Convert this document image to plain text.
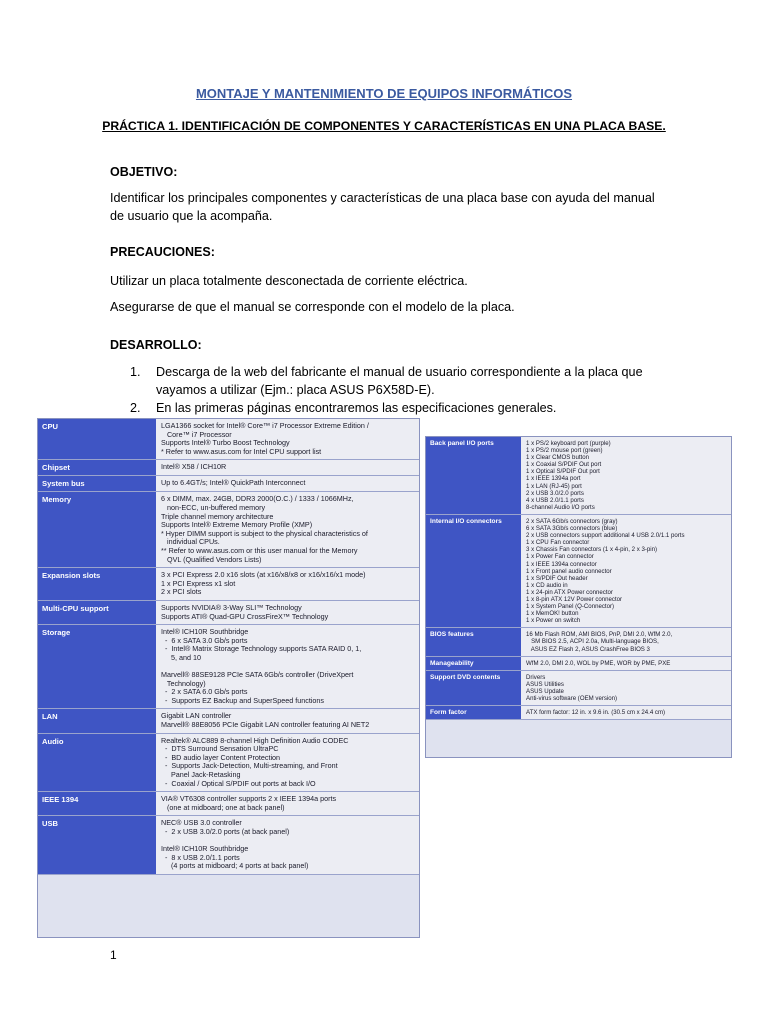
MONTAJE Y MANTENIMIENTO DE EQUIPOS INFORMÁTICOS
PRÁCTICA 1. IDENTIFICACIÓN DE COMPONENTES Y CARACTERÍSTICAS EN UNA PLACA BASE.
OBJETIVO:
Identificar los principales componentes y características de una placa base con ayuda del manual de usuario que la acompaña.
PRECAUCIONES:
Utilizar un placa totalmente desconectada de corriente eléctrica.
Asegurarse de que el manual se corresponde con el modelo de la placa.
DESARROLLO:
1.	Descarga de la web del fabricante el manual de usuario correspondiente a la placa que vayamos a utilizar (Ejm.: placa ASUS P6X58D-E).
2.	En las primeras páginas encontraremos las especificaciones generales.
CPU	LGA1366 socket for Intel® Core™ i7 Processor Extreme Edition /
Core™ i7 Processor
Supports Intel® Turbo Boost Technology
* Refer to www.asus.com for Intel CPU support list
Chipset	Intel® X58 / ICH10R
System bus	Up to 6.4GT/s; Intel® QuickPath Interconnect
Memory	6 x DIMM, max. 24GB, DDR3 2000(O.C.) / 1333 / 1066MHz,
non-ECC, un-buffered memory
Triple channel memory architecture
Supports Intel® Extreme Memory Profile (XMP)
* Hyper DIMM support is subject to the physical characteristics of
individual CPUs.
** Refer to www.asus.com or this user manual for the Memory
QVL (Qualified Vendors Lists)
Expansion slots	3 x PCI Express 2.0 x16 slots (at x16/x8/x8 or x16/x16/x1 mode)
1 x PCI Express x1 slot
2 x PCI slots
Multi-CPU support	Supports NVIDIA® 3-Way SLI™ Technology
Supports ATI® Quad-GPU CrossFireX™ Technology
Storage	Intel® ICH10R Southbridge
-  6 x SATA 3.0 Gb/s ports
-  Intel® Matrix Storage Technology supports SATA RAID 0, 1,
5, and 10

Marvell® 88SE9128 PCIe SATA 6Gb/s controller (DriveXpert
Technology)
-  2 x SATA 6.0 Gb/s ports
-  Supports EZ Backup and SuperSpeed functions
LAN	Gigabit LAN controller
Marvell® 88E8056 PCIe Gigabit LAN controller featuring AI NET2
Audio	Realtek® ALC889 8-channel High Definition Audio CODEC
-  DTS Surround Sensation UltraPC
-  BD audio layer Content Protection
-  Supports Jack-Detection, Multi-streaming, and Front
Panel Jack-Retasking
-  Coaxial / Optical S/PDIF out ports at back I/O
IEEE 1394	VIA® VT6308 controller supports 2 x IEEE 1394a ports
(one at midboard; one at back panel)
USB	NEC® USB 3.0 controller
-  2 x USB 3.0/2.0 ports (at back panel)

Intel® ICH10R Southbridge
-  8 x USB 2.0/1.1 ports
(4 ports at midboard; 4 ports at back panel)
Back panel I/O ports	1 x PS/2 keyboard port (purple)
1 x PS/2 mouse port (green)
1 x Clear CMOS button
1 x Coaxial S/PDIF Out port
1 x Optical S/PDIF Out port
1 x IEEE 1394a port
1 x LAN (RJ-45) port
2 x USB 3.0/2.0 ports
4 x USB 2.0/1.1 ports
8-channel Audio I/O ports
Internal I/O connectors	2 x SATA 6Gb/s connectors (gray)
6 x SATA 3Gb/s connectors (blue)
2 x USB connectors support additional 4 USB 2.0/1.1 ports
1 x CPU Fan connector
3 x Chassis Fan connectors (1 x 4-pin, 2 x 3-pin)
1 x Power Fan connector
1 x IEEE 1394a connector
1 x Front panel audio connector
1 x S/PDIF Out header
1 x CD audio in
1 x 24-pin ATX Power connector
1 x 8-pin ATX 12V Power connector
1 x System Panel (Q-Connector)
1 x MemOK! button
1 x Power on switch
BIOS features	16 Mb Flash ROM, AMI BIOS, PnP, DMI 2.0, WfM 2.0,
SM BIOS 2.5, ACPI 2.0a, Multi-language BIOS,
ASUS EZ Flash 2, ASUS CrashFree BIOS 3
Manageability	WfM 2.0, DMI 2.0, WOL by PME, WOR by PME, PXE
Support DVD contents	Drivers
ASUS Utilities
ASUS Update
Anti-virus software (OEM version)
Form factor	ATX form factor: 12 in. x 9.6 in. (30.5 cm x 24.4 cm)
1
